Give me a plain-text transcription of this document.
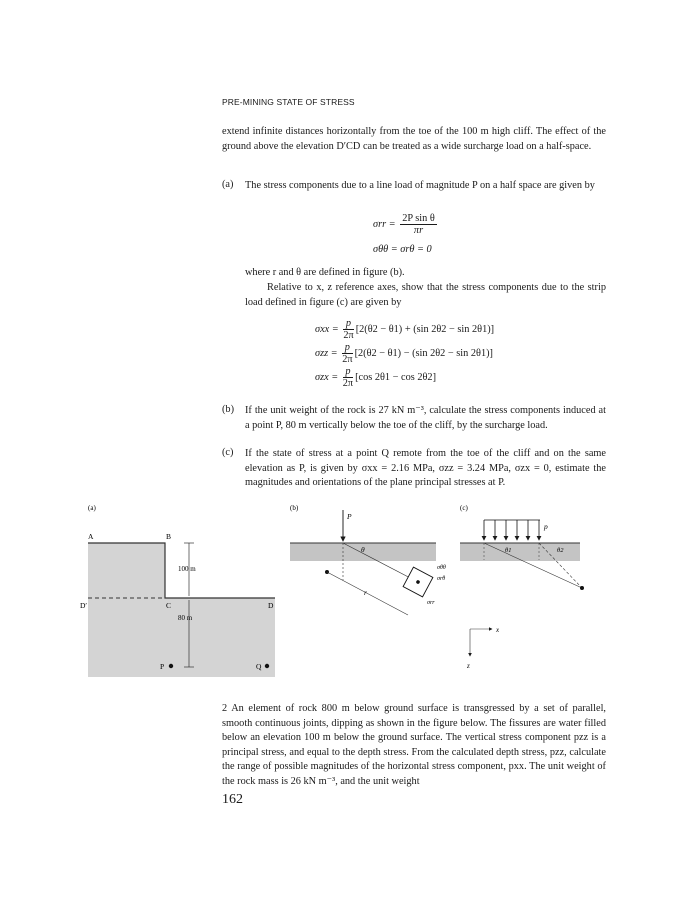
PRE-MINING STATE OF STRESS
extend infinite distances horizontally from the toe of the 100 m high cliff. The effect of the ground above the elevation D′CD can be treated as a wide surcharge load on a half-space.
(a) The stress components due to a line load of magnitude P on a half space are given by
$\sigma rr = \frac{\text{2P sin θ}}{\pi r}$
σθθ = σrθ = 0
where r and θ are defined in figure (b).
Relative to x, z reference axes, show that the stress components due to the strip load defined in figure (c) are given by
$\sigma xx = \frac{p}{2\pi} [2(\theta 2 - \theta 1) + (\sin$ 2θ2 − sin 2θ1)]
$\sigma zz = \frac{p}{2\pi} [2(\theta 2 - \theta 1) - (\sin$ 2θ2 − sin 2θ1)]
$\sigma zx = \frac{p}{2\pi} [\cos$ 2θ1 − cos 2θ2]
(b) If the unit weight of the rock is 27 kN m⁻³, calculate the stress components induced at a point P, 80 m vertically below the toe of the cliff, by the surcharge load.
(c) If the state of stress at a point Q remote from the toe of the cliff and on the same elevation as P, is given by σxx = 2.16 MPa, σzz = 3.24 MPa, σzx = 0, estimate the magnitudes and orientations of the plane principal stresses at P.
(a)
A	B
C	D
D′
100 m
80 m
P	Q
(b)
P
θ
r
σθθ
σrθ
σrr
(c)
p
θ1	θ2
x
z
2 An element of rock 800 m below ground surface is transgressed by a set of parallel, smooth continuous joints, dipping as shown in the figure below. The fissures are water filled below an elevation 100 m below the ground surface. The vertical stress component pzz is a principal stress, and equal to the depth stress. From the calculated depth stress, pzz, calculate the range of possible magnitudes of the horizontal stress component, pxx. The unit weight of the rock mass is 26 kN m⁻³, and the unit weight
162
